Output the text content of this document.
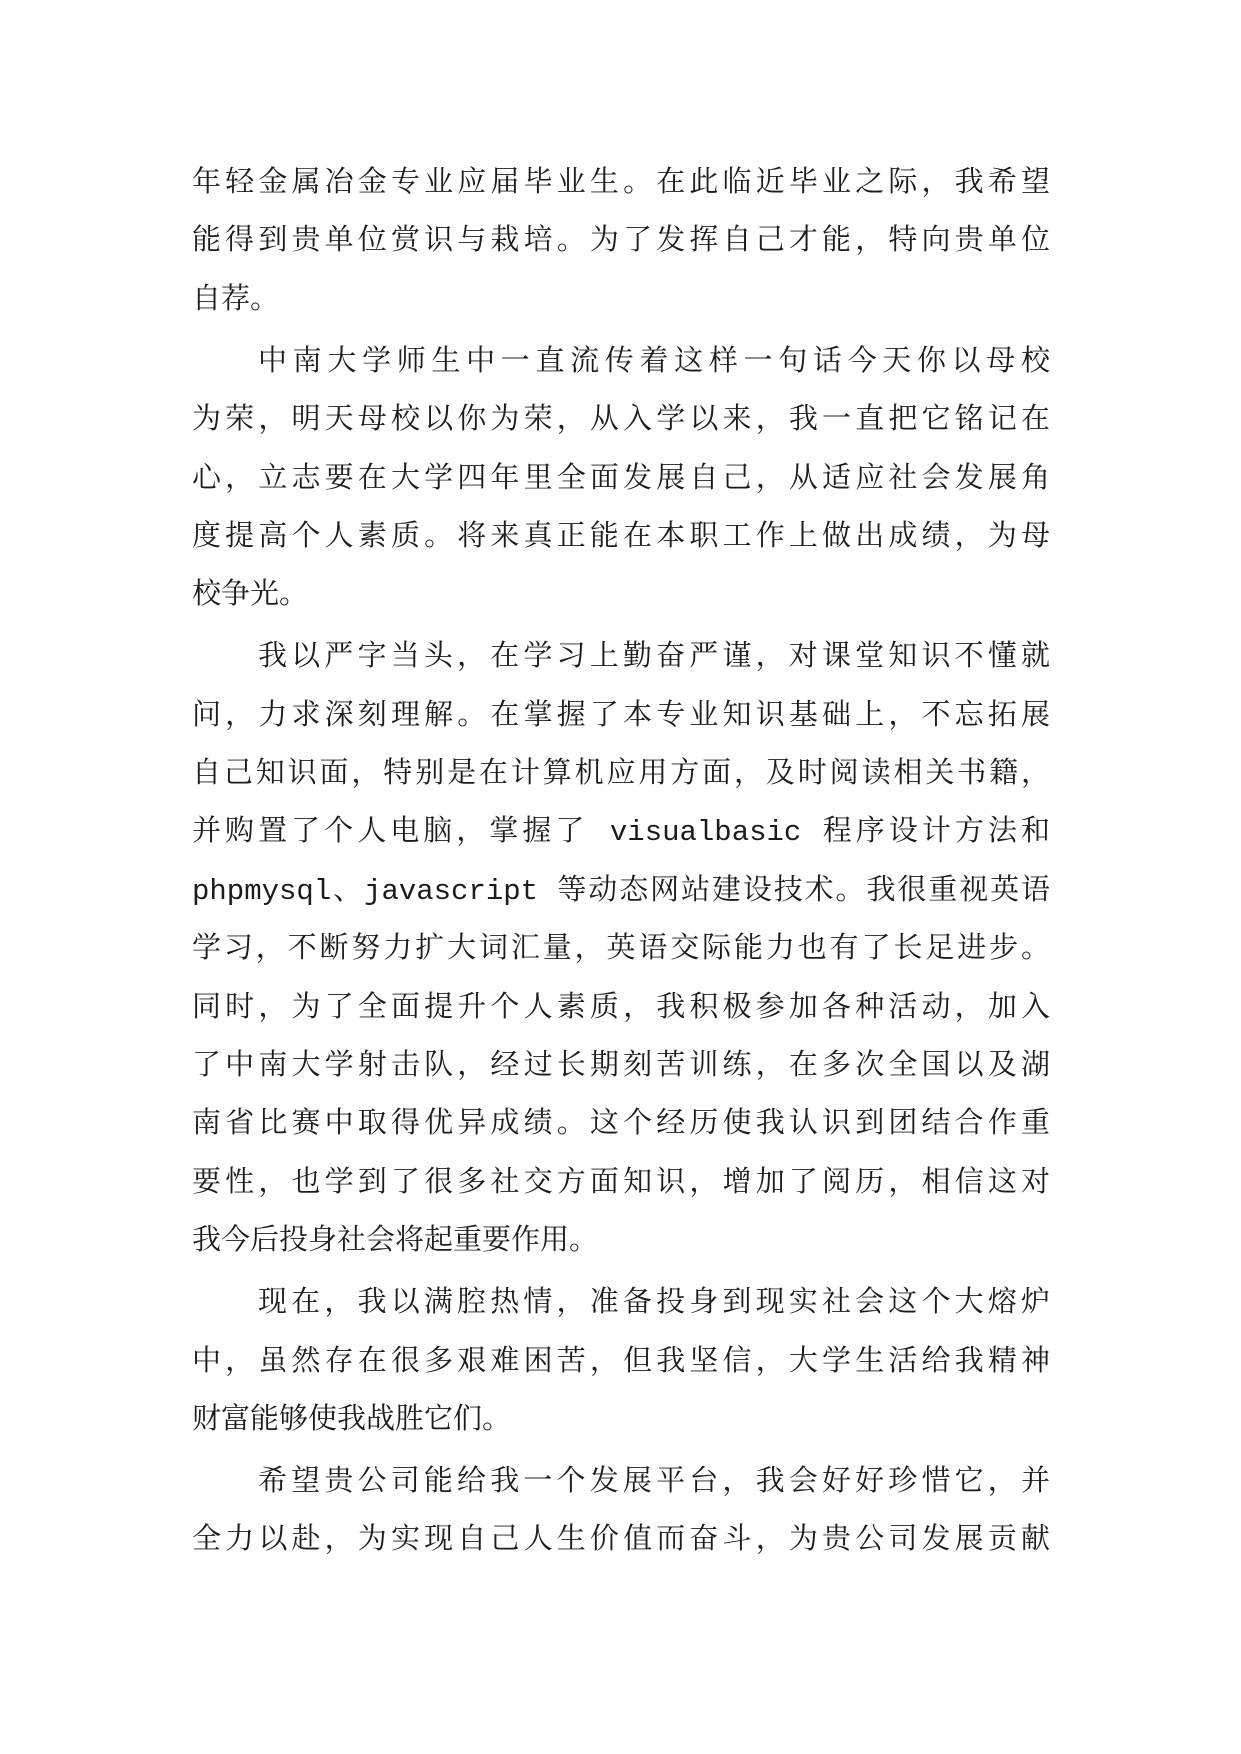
年轻金属冶金专业应届毕业生。在此临近毕业之际，我希望
能得到贵单位赏识与栽培。为了发挥自己才能，特向贵单位
自荐。
中南大学师生中一直流传着这样一句话今天你以母校
为荣，明天母校以你为荣，从入学以来，我一直把它铭记在
心，立志要在大学四年里全面发展自己，从适应社会发展角
度提高个人素质。将来真正能在本职工作上做出成绩，为母
校争光。
我以严字当头，在学习上勤奋严谨，对课堂知识不懂就
问，力求深刻理解。在掌握了本专业知识基础上，不忘拓展
自己知识面，特别是在计算机应用方面，及时阅读相关书籍，
并购置了个人电脑，掌握了 visualbasic 程序设计方法和
phpmysql、javascript 等动态网站建设技术。我很重视英语
学习，不断努力扩大词汇量，英语交际能力也有了长足进步。
同时，为了全面提升个人素质，我积极参加各种活动，加入
了中南大学射击队，经过长期刻苦训练，在多次全国以及湖
南省比赛中取得优异成绩。这个经历使我认识到团结合作重
要性，也学到了很多社交方面知识，增加了阅历，相信这对
我今后投身社会将起重要作用。
现在，我以满腔热情，准备投身到现实社会这个大熔炉
中，虽然存在很多艰难困苦，但我坚信，大学生活给我精神
财富能够使我战胜它们。
希望贵公司能给我一个发展平台，我会好好珍惜它，并
全力以赴，为实现自己人生价值而奋斗，为贵公司发展贡献
